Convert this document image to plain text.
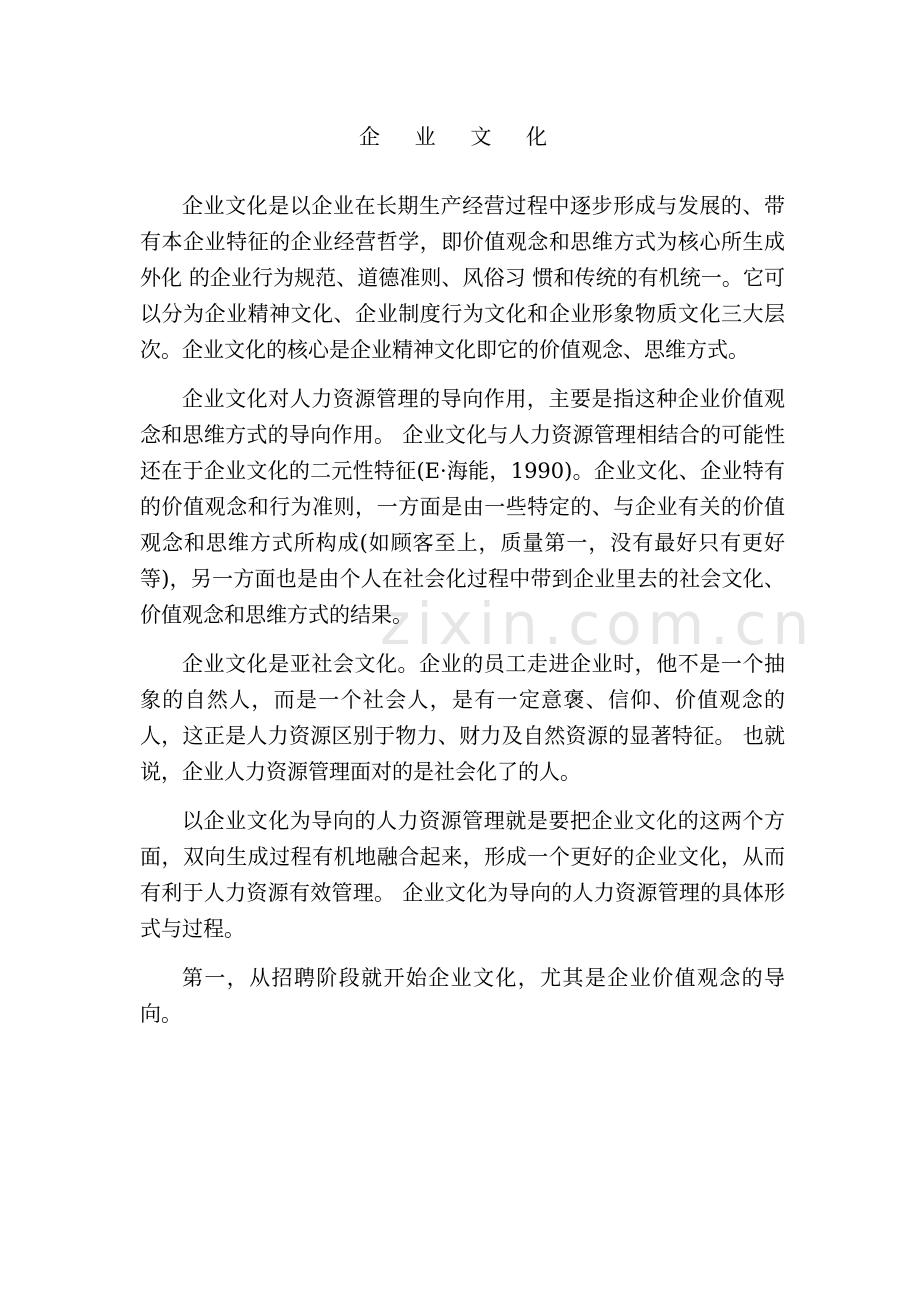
zixin.com.cn
企 业 文 化

企业文化是以企业在长期生产经营过程中逐步形成与发展的、带有本企业特征的企业经营哲学，即价值观念和思维方式为核心所生成外化 的企业行为规范、道德准则、风俗习 惯和传统的有机统一。它可以分为企业精神文化、企业制度行为文化和企业形象物质文化三大层次。企业文化的核心是企业精神文化即它的价值观念、思维方式。

企业文化对人力资源管理的导向作用，主要是指这种企业价值观念和思维方式的导向作用。 企业文化与人力资源管理相结合的可能性还在于企业文化的二元性特征(E·海能，1990)。企业文化、企业特有的价值观念和行为准则，一方面是由一些特定的、与企业有关的价值观念和思维方式所构成(如顾客至上，质量第一，没有最好只有更好等)，另一方面也是由个人在社会化过程中带到企业里去的社会文化、价值观念和思维方式的结果。

企业文化是亚社会文化。企业的员工走进企业时，他不是一个抽象的自然人，而是一个社会人，是有一定意褒、信仰、价值观念的人，这正是人力资源区别于物力、财力及自然资源的显著特征。 也就说，企业人力资源管理面对的是社会化了的人。

以企业文化为导向的人力资源管理就是要把企业文化的这两个方面，双向生成过程有机地融合起来，形成一个更好的企业文化，从而有利于人力资源有效管理。 企业文化为导向的人力资源管理的具体形式与过程。

第一，从招聘阶段就开始企业文化，尤其是企业价值观念的导向。
